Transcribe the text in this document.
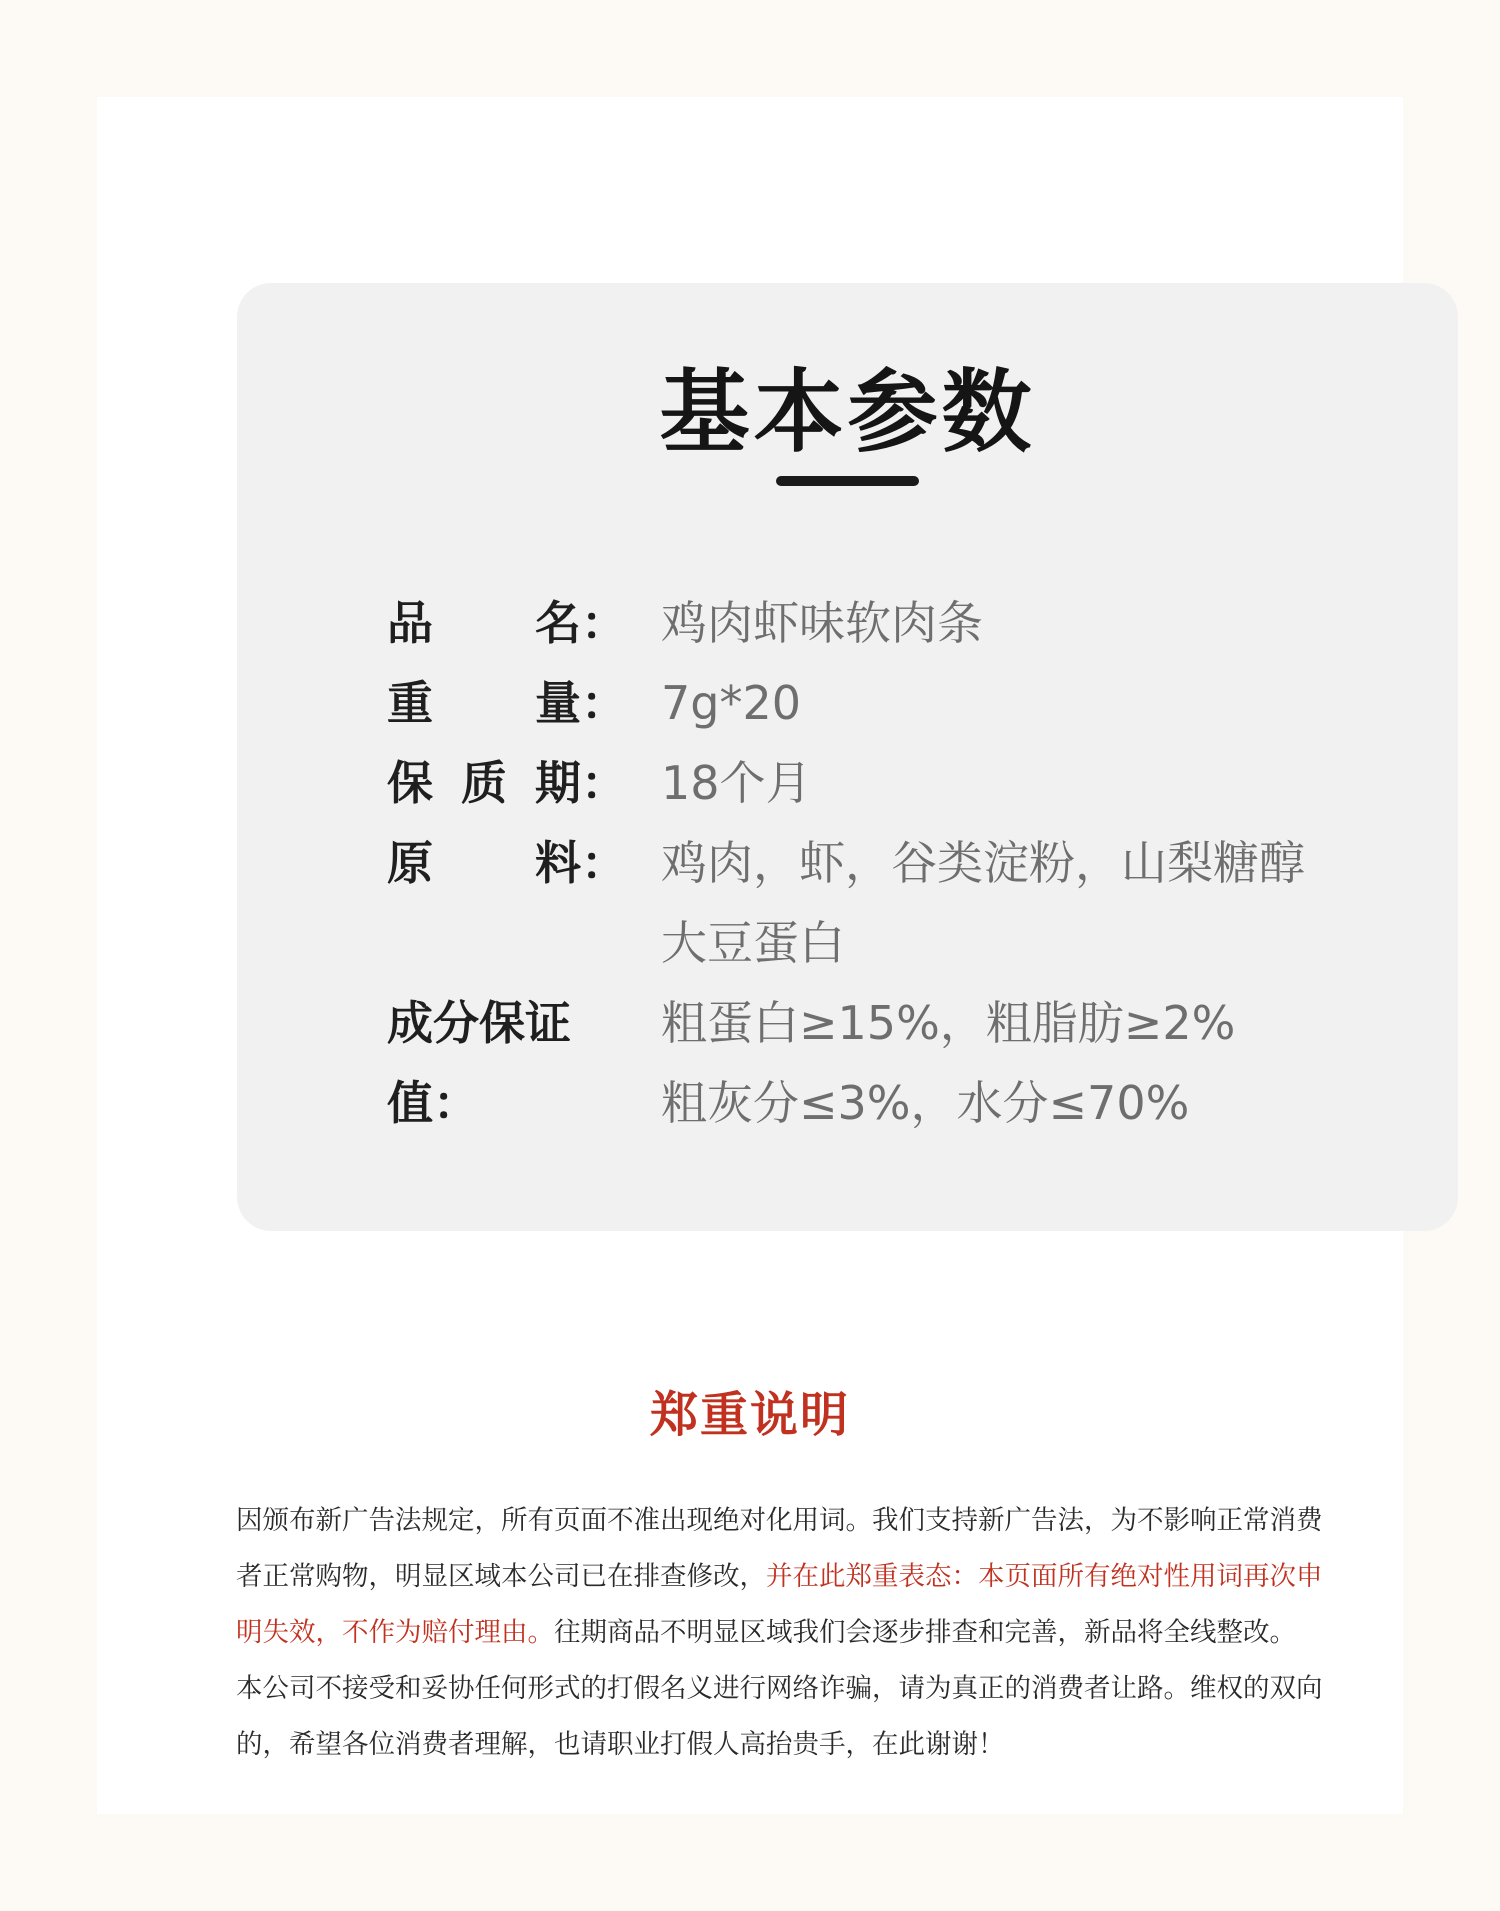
基本参数
品 名： 鸡肉虾味软肉条
重 量： 7g*20
保 质 期： 18个月
原 料： 鸡肉，虾，谷类淀粉，山梨糖醇
大豆蛋白
成分保证值：
粗蛋白≥15%，粗脂肪≥2%
粗灰分≤3%，水分≤70%
郑重说明
因颁布新广告法规定，所有页面不准出现绝对化用词。我们支持新广告法，为不影响正常消费
者正常购物，明显区域本公司已在排查修改，并在此郑重表态：本页面所有绝对性用词再次申
明失效，不作为赔付理由。往期商品不明显区域我们会逐步排查和完善，新品将全线整改。
本公司不接受和妥协任何形式的打假名义进行网络诈骗，请为真正的消费者让路。维权的双向
的，希望各位消费者理解，也请职业打假人高抬贵手，在此谢谢！
